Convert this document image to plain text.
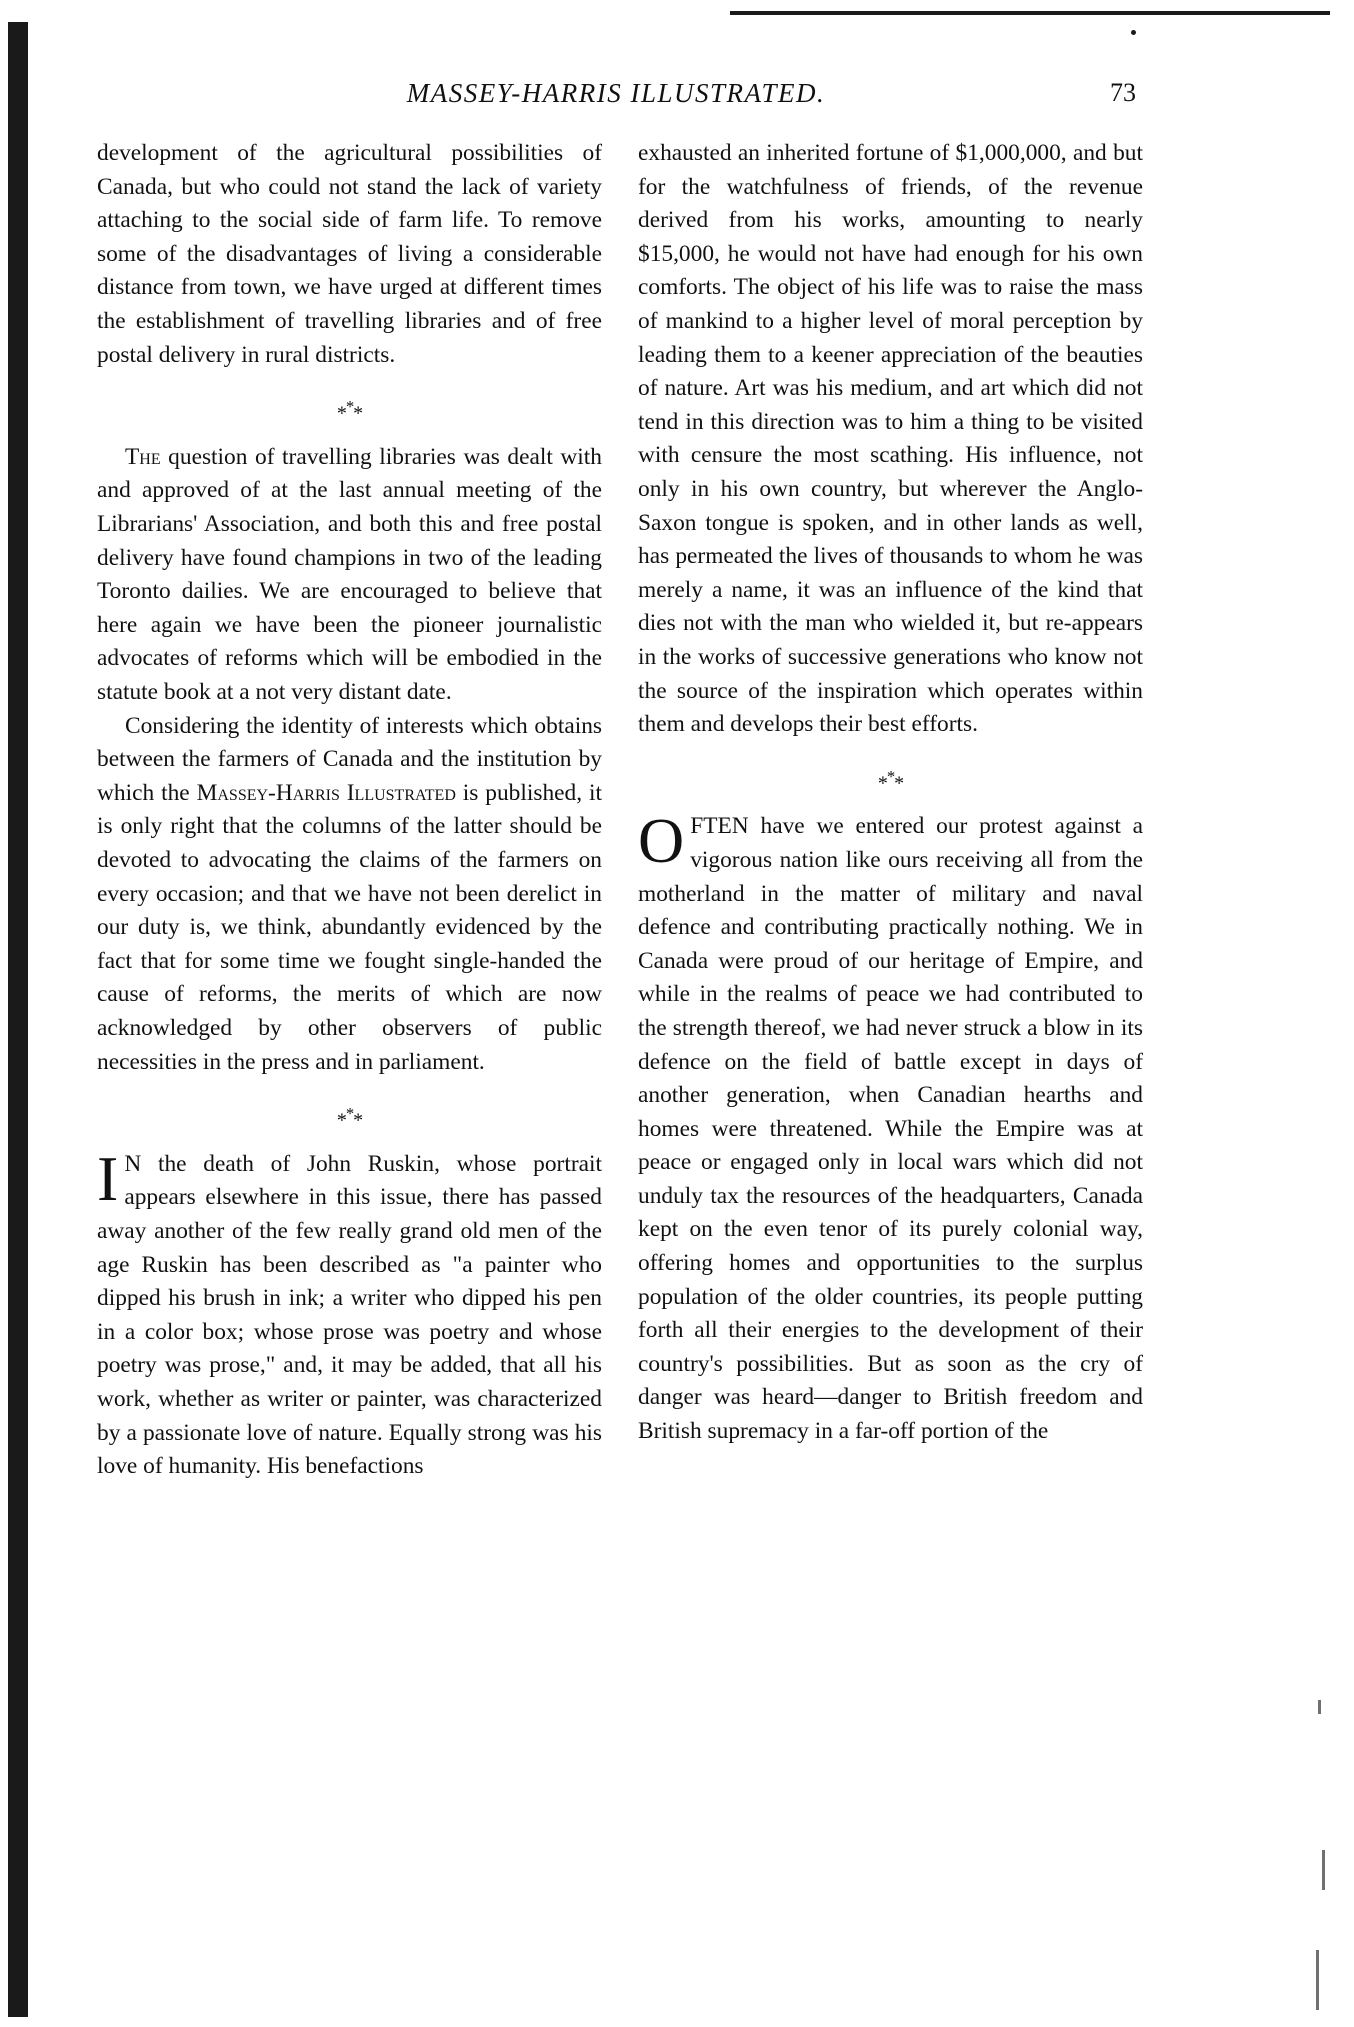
MASSEY-HARRIS ILLUSTRATED.	73

development of the agricultural possibilities of Canada, but who could not stand the lack of variety attaching to the social side of farm life. To remove some of the disadvantages of living a considerable distance from town, we have urged at different times the establishment of travelling libraries and of free postal delivery in rural districts.

***

The question of travelling libraries was dealt with and approved of at the last annual meeting of the Librarians' Association, and both this and free postal delivery have found champions in two of the leading Toronto dailies. We are encouraged to believe that here again we have been the pioneer journalistic advocates of reforms which will be embodied in the statute book at a not very distant date.

Considering the identity of interests which obtains between the farmers of Canada and the institution by which the Massey-Harris Illustrated is published, it is only right that the columns of the latter should be devoted to advocating the claims of the farmers on every occasion; and that we have not been derelict in our duty is, we think, abundantly evidenced by the fact that for some time we fought single-handed the cause of reforms, the merits of which are now acknowledged by other observers of public necessities in the press and in parliament.

***

I N the death of John Ruskin, whose portrait appears elsewhere in this issue, there has passed away another of the few really grand old men of the age Ruskin has been described as "a painter who dipped his brush in ink; a writer who dipped his pen in a color box; whose prose was poetry and whose poetry was prose," and, it may be added, that all his work, whether as writer or painter, was characterized by a passionate love of nature. Equally strong was his love of humanity. His benefactions

exhausted an inherited fortune of $1,000,000, and but for the watchfulness of friends, of the revenue derived from his works, amounting to nearly $15,000, he would not have had enough for his own comforts. The object of his life was to raise the mass of mankind to a higher level of moral perception by leading them to a keener appreciation of the beauties of nature. Art was his medium, and art which did not tend in this direction was to him a thing to be visited with censure the most scathing. His influence, not only in his own country, but wherever the Anglo-Saxon tongue is spoken, and in other lands as well, has permeated the lives of thousands to whom he was merely a name, it was an influence of the kind that dies not with the man who wielded it, but re-appears in the works of successive generations who know not the source of the inspiration which operates within them and develops their best efforts.

***

OFTEN have we entered our protest against a vigorous nation like ours receiving all from the motherland in the matter of military and naval defence and contributing practically nothing. We in Canada were proud of our heritage of Empire, and while in the realms of peace we had contributed to the strength thereof, we had never struck a blow in its defence on the field of battle except in days of another generation, when Canadian hearths and homes were threatened. While the Empire was at peace or engaged only in local wars which did not unduly tax the resources of the headquarters, Canada kept on the even tenor of its purely colonial way, offering homes and opportunities to the surplus population of the older countries, its people putting forth all their energies to the development of their country's possibilities. But as soon as the cry of danger was heard—danger to British freedom and British supremacy in a far-off portion of the
